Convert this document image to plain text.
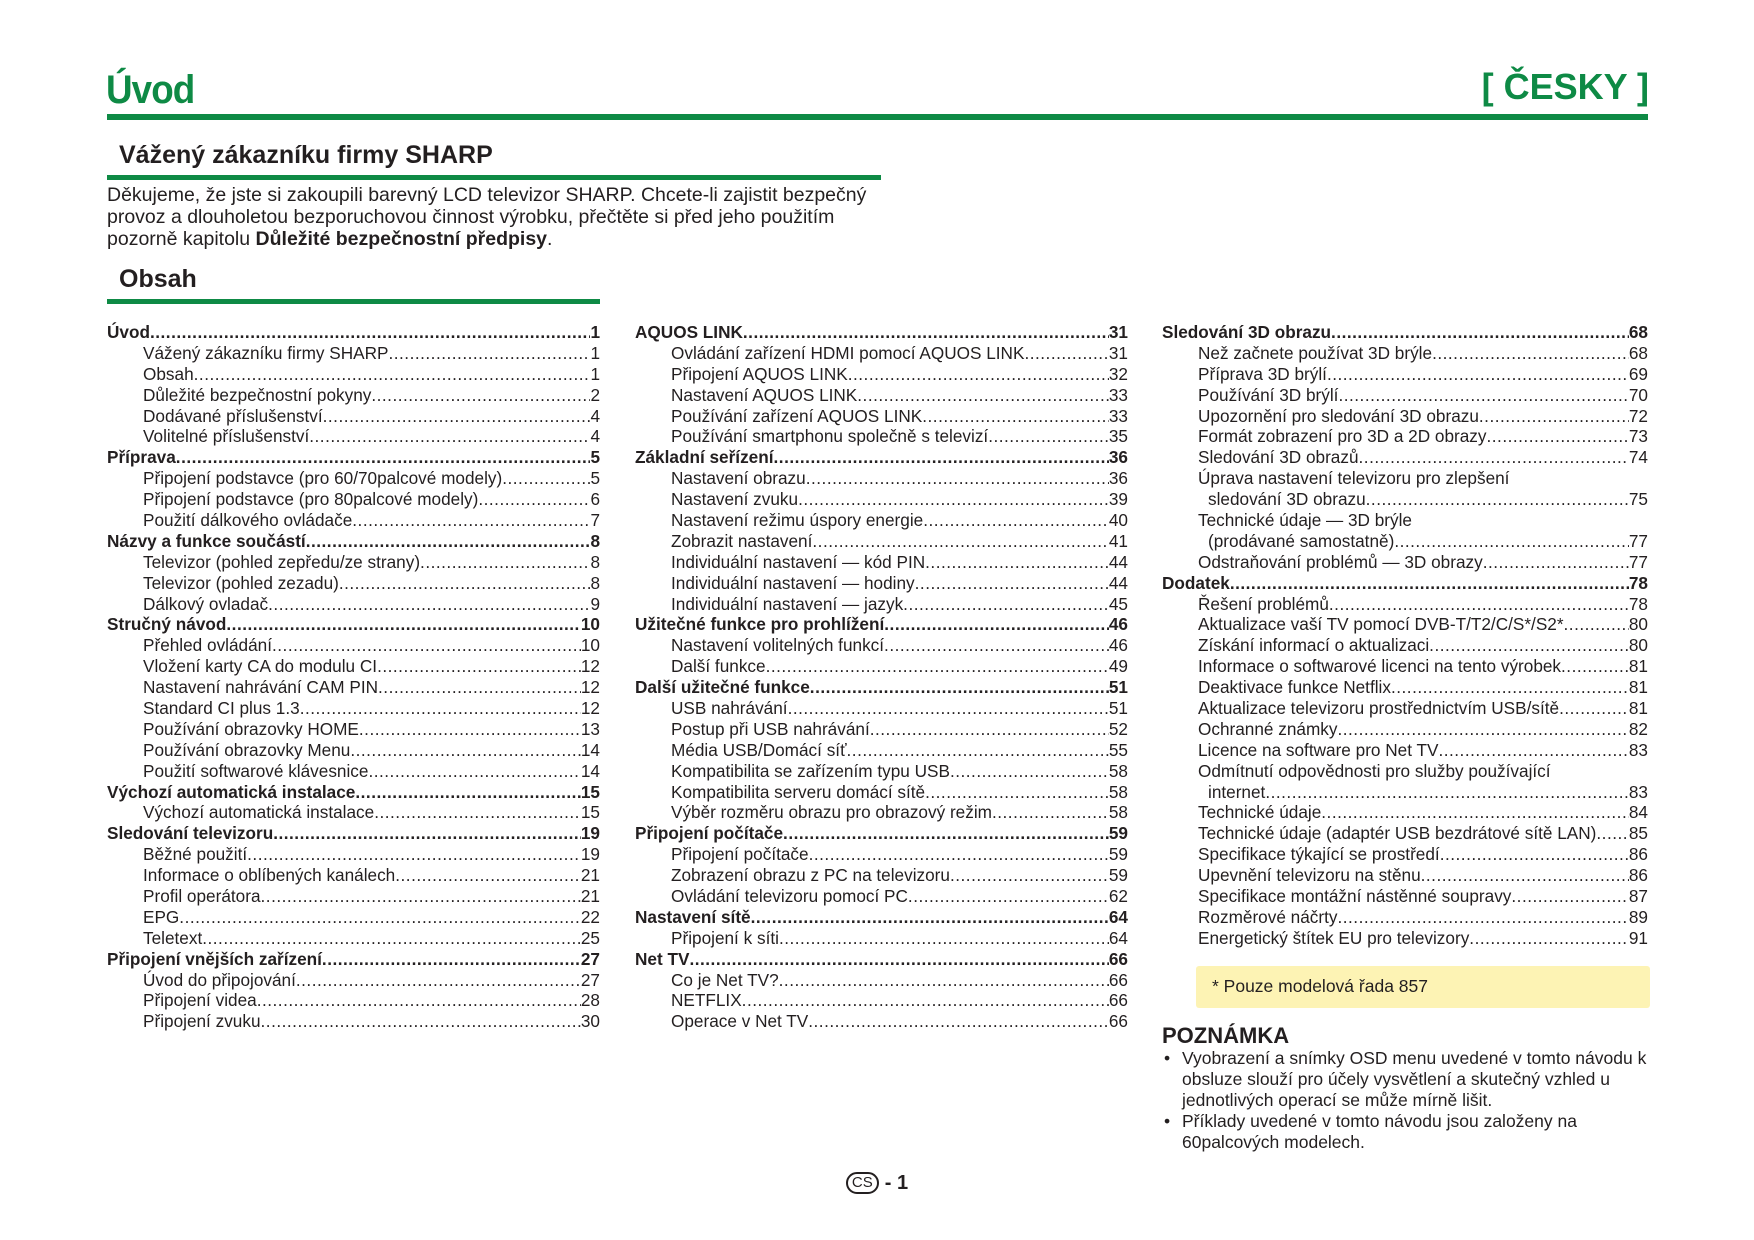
Úvod	[ ČESKY ]
Vážený zákazníku firmy SHARP
Děkujeme, že jste si zakoupili barevný LCD televizor SHARP. Chcete-li zajistit bezpečný provoz a dlouholetou bezporuchovou činnost výrobku, přečtěte si před jeho použitím pozorně kapitolu Důležité bezpečnostní předpisy.
Obsah
Úvod .....	1
Vážený zákazníku firmy SHARP .....	1
Obsah .....	1
Důležité bezpečnostní pokyny .....	2
Dodávané příslušenství .....	4
Volitelné příslušenství .....	4
Příprava .....	5
Připojení podstavce (pro 60/70palcové modely) .....	5
Připojení podstavce (pro 80palcové modely) .....	6
Použití dálkového ovládače .....	7
Názvy a funkce součástí .....	8
Televizor (pohled zepředu/ze strany) .....	8
Televizor (pohled zezadu) .....	8
Dálkový ovladač .....	9
Stručný návod .....	10
Přehled ovládání .....	10
Vložení karty CA do modulu CI .....	12
Nastavení nahrávání CAM PIN .....	12
Standard CI plus 1.3 .....	12
Používání obrazovky HOME .....	13
Používání obrazovky Menu .....	14
Použití softwarové klávesnice .....	14
Výchozí automatická instalace .....	15
Výchozí automatická instalace .....	15
Sledování televizoru .....	19
Běžné použití .....	19
Informace o oblíbených kanálech .....	21
Profil operátora .....	21
EPG .....	22
Teletext .....	25
Připojení vnějších zařízení .....	27
Úvod do připojování .....	27
Připojení videa .....	28
Připojení zvuku .....	30
AQUOS LINK .....	31
Ovládání zařízení HDMI pomocí AQUOS LINK .....	31
Připojení AQUOS LINK .....	32
Nastavení AQUOS LINK .....	33
Používání zařízení AQUOS LINK .....	33
Používání smartphonu společně s televizí .....	35
Základní seřízení .....	36
Nastavení obrazu .....	36
Nastavení zvuku .....	39
Nastavení režimu úspory energie .....	40
Zobrazit nastavení .....	41
Individuální nastavení — kód PIN .....	44
Individuální nastavení — hodiny .....	44
Individuální nastavení — jazyk .....	45
Užitečné funkce pro prohlížení .....	46
Nastavení volitelných funkcí .....	46
Další funkce .....	49
Další užitečné funkce .....	51
USB nahrávání .....	51
Postup při USB nahrávání .....	52
Média USB/Domácí síť .....	55
Kompatibilita se zařízením typu USB .....	58
Kompatibilita serveru domácí sítě .....	58
Výběr rozměru obrazu pro obrazový režim .....	58
Připojení počítače .....	59
Připojení počítače .....	59
Zobrazení obrazu z PC na televizoru .....	59
Ovládání televizoru pomocí PC .....	62
Nastavení sítě .....	64
Připojení k síti .....	64
Net TV .....	66
Co je Net TV? .....	66
NETFLIX .....	66
Operace v Net TV .....	66
Sledování 3D obrazu .....	68
Než začnete používat 3D brýle .....	68
Příprava 3D brýlí .....	69
Používání 3D brýlí .....	70
Upozornění pro sledování 3D obrazu .....	72
Formát zobrazení pro 3D a 2D obrazy .....	73
Sledování 3D obrazů .....	74
Úprava nastavení televizoru pro zlepšení
sledování 3D obrazu .....	75
Technické údaje — 3D brýle
(prodávané samostatně) .....	77
Odstraňování problémů — 3D obrazy .....	77
Dodatek .....	78
Řešení problémů .....	78
Aktualizace vaší TV pomocí DVB-T/T2/C/S*/S2* .....	80
Získání informací o aktualizaci .....	80
Informace o softwarové licenci na tento výrobek .....	81
Deaktivace funkce Netflix .....	81
Aktualizace televizoru prostřednictvím USB/sítě .....	81
Ochranné známky .....	82
Licence na software pro Net TV .....	83
Odmítnutí odpovědnosti pro služby používající
internet .....	83
Technické údaje .....	84
Technické údaje (adaptér USB bezdrátové sítě LAN) ..... 85
Specifikace týkající se prostředí .....	86
Upevnění televizoru na stěnu .....	86
Specifikace montážní nástěnné soupravy .....	87
Rozměrové náčrty .....	89
Energetický štítek EU pro televizory .....	91
* Pouze modelová řada 857
POZNÁMKA
• Vyobrazení a snímky OSD menu uvedené v tomto návodu k obsluze slouží pro účely vysvětlení a skutečný vzhled u jednotlivých operací se může mírně lišit.
• Příklady uvedené v tomto návodu jsou založeny na 60palcových modelech.
CS - 1
